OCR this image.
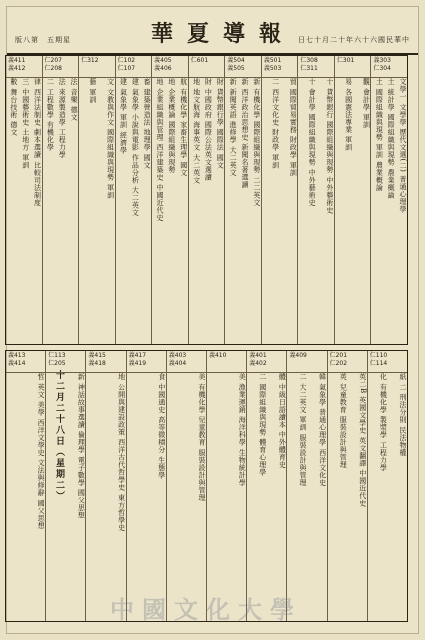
版八第　五期星	華夏導報 日七十月二十年六十六國民華中
義303
仁304
文學一 文學學 歷代文選(二) 普通心理學
土 統計學 國際組織與現勢 農業概論
土 國際組織與現勢 軍訓 農業概論
仁301
觀 會計學 軍訓
易 各國憲法專業 軍訓
仁308
仁311
十 貨幣銀行 國際組織與現勢 中外藝術史
十 會計學 國際組織與現勢 中外藝術史
義501
義503
貿 國際貿易實務 財政學 軍訓
二 西洋文化史 財政學 軍訓
義504
義505
新 有機化學 國際組織與現勢 二二英文
新 西洋政治思想史 新聞名著選讀
新 新聞英語 進修學 大二英文
仁601
財 貨幣銀行學 國際法 國文
財 中國政府 國際公法英文選讀
地 地文航海 海事英文 大二英文
義405
義406
航 有機化學 家畜生理學 國文
地 企業概論 國際組織與現勢
地 企業組織與管理 西洋建築史 中國近代史
仁102
仁107
畜 建築營造法 地理學 國文
建 氣象學 小說與電影 作品分析 大二英文
建 氣象學 軍訓 經濟學
仁312
文 文教與作文 國際組織與現勢 軍訓
藝 軍訓
仁207
仁208
法 音樂 德文
法 來源製造學 工程力學
二 工程數學 有機化學
義411
義412
律 西洋法制史 劇本選讀 比較司法制度
三 中國藝術史 土地方 軍訓
數 舞台技術 德文
十二月二十八日（星期二）
仁110
仁114
紙 二 刑法分則 民法物權
化 有機化學 製漿學 工程力學
仁201
仁202
英二B 英國文學史 英文翻譯 中國近代史
英 兒童教育 服裝設計與管理
義409
韓 氣象學 普通心理學 西洋文化史
二 大二英文 軍訓 服裝設計與管理
義401
義402
體 中級日語讀本 中外體育史
二 國際組織與現勢 體育心理學
義410
美 漁業運銷 海洋科學 生物統計學
義403
義404
美 有機化學 兒童教育 服裝設計與管理
義417
義419
食 中國通史 高等微積分 生態學
義415
義418
地 公開與建設政策 西洋古代哲學史 東方哲學史
仁113
仁205
新 神話故事選讀 倫理學 電子數學 國父思想
義413
義414
哲 英文 美學 西洋文學史 文法與修辭 國父思想
中國文化大學
